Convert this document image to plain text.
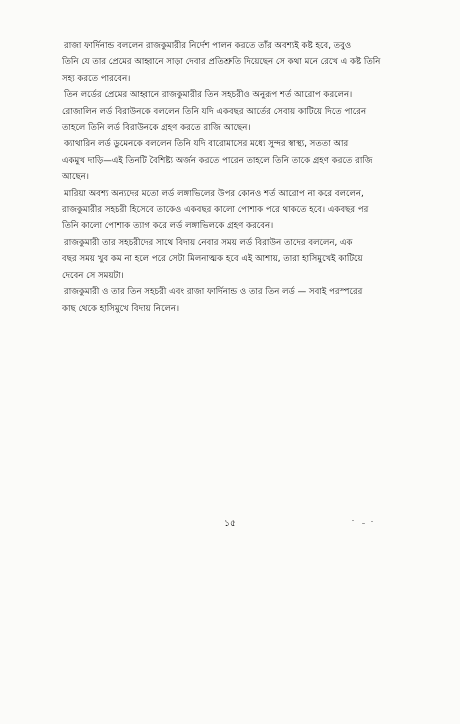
রাজা ফার্দিনান্ড বললেন রাজকুমারীর নির্দেশ পালন করতে তাঁর অবশ্যই কষ্ট হবে, তবুও
তিনি যে তার প্রেমের আহ্বানে সাড়া দেবার প্রতিশ্রুতি দিয়েছেন সে কথা মনে রেখে এ কষ্ট তিনি
সহ্য করতে পারবেন।
তিন লর্ডের প্রেমের আহ্বানে রাজকুমারীর তিন সহচরীও অনুরূপ শর্ত আরোপ করলেন।
রোজালিন লর্ড বিরাউনকে বললেন তিনি যদি একবছর আর্তের সেবায় কাটিয়ে দিতে পারেন
তাহলে তিনি লর্ড বিরাউনকে গ্রহণ করতে রাজি আছেন।
ক্যাথারিন লর্ড ডুমেনকে বললেন তিনি যদি বারোমাসের মধ্যে সুন্দর স্বাস্থ্য, সততা আর
একমুখ দাড়ি—এই তিনটি বৈশিষ্ট্য অর্জন করতে পারেন তাহলে তিনি তাকে গ্রহণ করতে রাজি
আছেন।
মারিয়া অবশ্য অন্যদের মতো লর্ড লঙ্গাভিলের উপর কোনও শর্ত আরোপ না করে বললেন,
রাজকুমারীর সহচরী হিসেবে তাকেও একবছর কালো পোশাক পরে থাকতে হবে। একবছর পর
তিনি কালো পোশাক ত্যাগ করে লর্ড লঙ্গাভিলকে গ্রহণ করবেন।
রাজকুমারী তার সহচরীদের সাথে বিদায় নেবার সময় লর্ড বিরাউন তাদের বললেন, এক
বছর সময় খুব কম না হলে পরে সেটা মিলনাত্মক হবে এই আশায়, তারা হাসিমুখেই কাটিয়ে
দেবেন সে সময়টা।
রাজকুমারী ও তার তিন সহচরী এবং রাজা ফার্দিনান্ড ও তার তিন লর্ড — সবাই পরস্পরের
কাছ থেকে হাসিমুখে বিদায় নিলেন।
১৫
